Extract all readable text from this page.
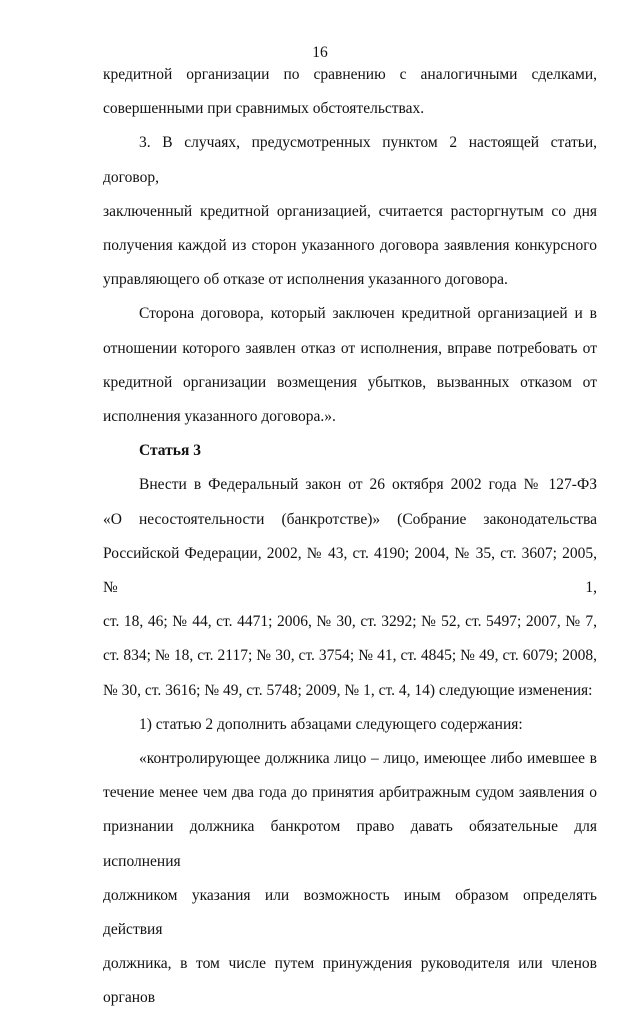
16
кредитной организации по сравнению с аналогичными сделками,
совершенными при сравнимых обстоятельствах.
3. В случаях, предусмотренных пунктом 2 настоящей статьи, договор,
заключенный кредитной организацией, считается расторгнутым со дня
получения каждой из сторон указанного договора заявления конкурсного
управляющего об отказе от исполнения указанного договора.
Сторона договора, который заключен кредитной организацией и в
отношении которого заявлен отказ от исполнения, вправе потребовать от
кредитной организации возмещения убытков, вызванных отказом от
исполнения указанного договора.».
Статья 3
Внести в Федеральный закон от 26 октября 2002 года № 127-ФЗ
«О несостоятельности (банкротстве)» (Собрание законодательства
Российской Федерации, 2002, № 43, ст. 4190; 2004, № 35, ст. 3607; 2005, № 1,
ст. 18, 46; № 44, ст. 4471; 2006, № 30, ст. 3292; № 52, ст. 5497; 2007, № 7,
ст. 834; № 18, ст. 2117; № 30, ст. 3754; № 41, ст. 4845; № 49, ст. 6079; 2008,
№ 30, ст. 3616; № 49, ст. 5748; 2009, № 1, ст. 4, 14) следующие изменения:
1) статью 2 дополнить абзацами следующего содержания:
«контролирующее должника лицо – лицо, имеющее либо имевшее в
течение менее чем два года до принятия арбитражным судом заявления о
признании должника банкротом право давать обязательные для исполнения
должником указания или возможность иным образом определять действия
должника, в том числе путем принуждения руководителя или членов органов
